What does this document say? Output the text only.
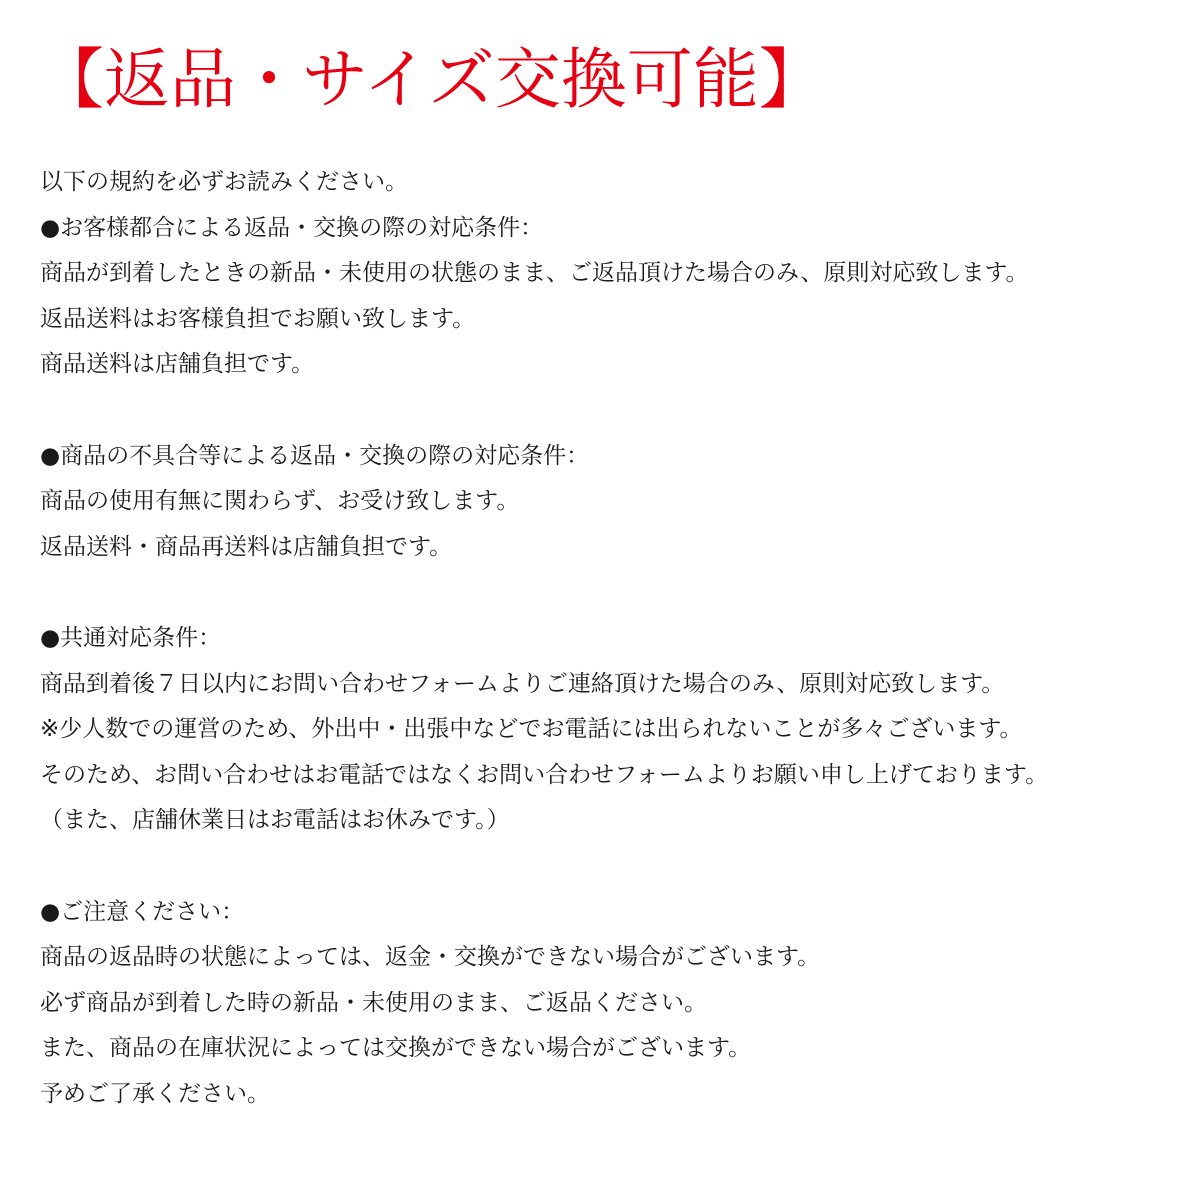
【返品・サイズ交換可能】
以下の規約を必ずお読みください。
●お客様都合による返品・交換の際の対応条件：
商品が到着したときの新品・未使用の状態のまま、ご返品頂けた場合のみ、原則対応致します。
返品送料はお客様負担でお願い致します。
商品送料は店舗負担です。
●商品の不具合等による返品・交換の際の対応条件：
商品の使用有無に関わらず、お受け致します。
返品送料・商品再送料は店舗負担です。
●共通対応条件：
商品到着後７日以内にお問い合わせフォームよりご連絡頂けた場合のみ、原則対応致します。
※少人数での運営のため、外出中・出張中などでお電話には出られないことが多々ございます。
そのため、お問い合わせはお電話ではなくお問い合わせフォームよりお願い申し上げております。
（また、店舗休業日はお電話はお休みです。）
●ご注意ください：
商品の返品時の状態によっては、返金・交換ができない場合がございます。
必ず商品が到着した時の新品・未使用のまま、ご返品ください。
また、商品の在庫状況によっては交換ができない場合がございます。
予めご了承ください。
